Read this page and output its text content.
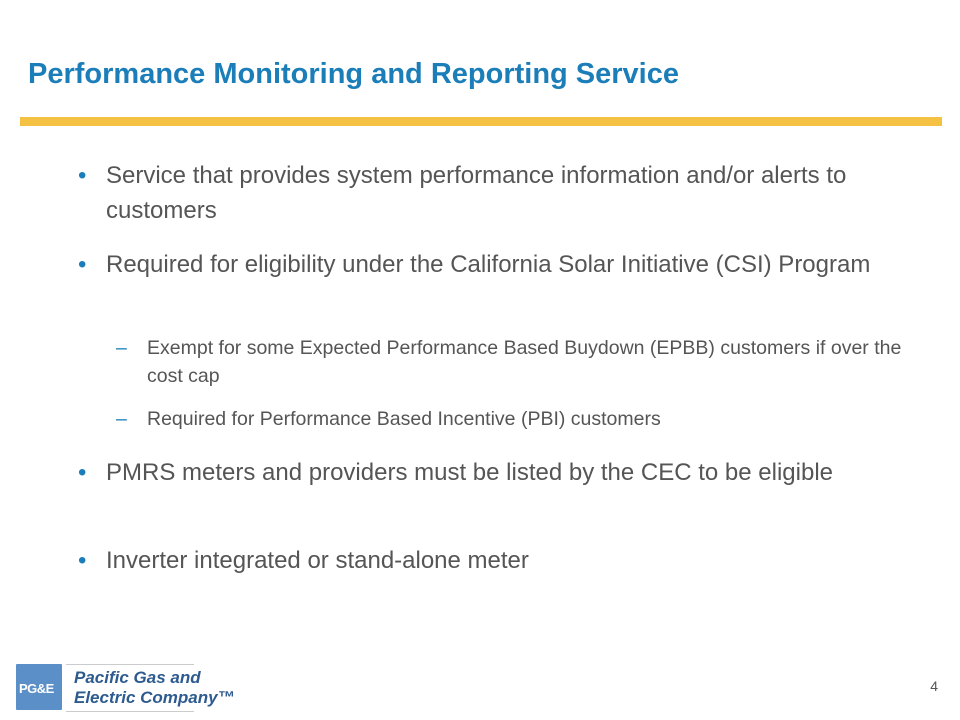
Performance Monitoring and Reporting Service
• Service that provides system performance information and/or alerts to customers
• Required for eligibility under the California Solar Initiative (CSI) Program
– Exempt for some Expected Performance Based Buydown (EPBB) customers if over the cost cap
– Required for Performance Based Incentive (PBI) customers
• PMRS meters and providers must be listed by the CEC to be eligible
• Inverter integrated or stand-alone meter
PG&E
Pacific Gas and
Electric Company™
4
